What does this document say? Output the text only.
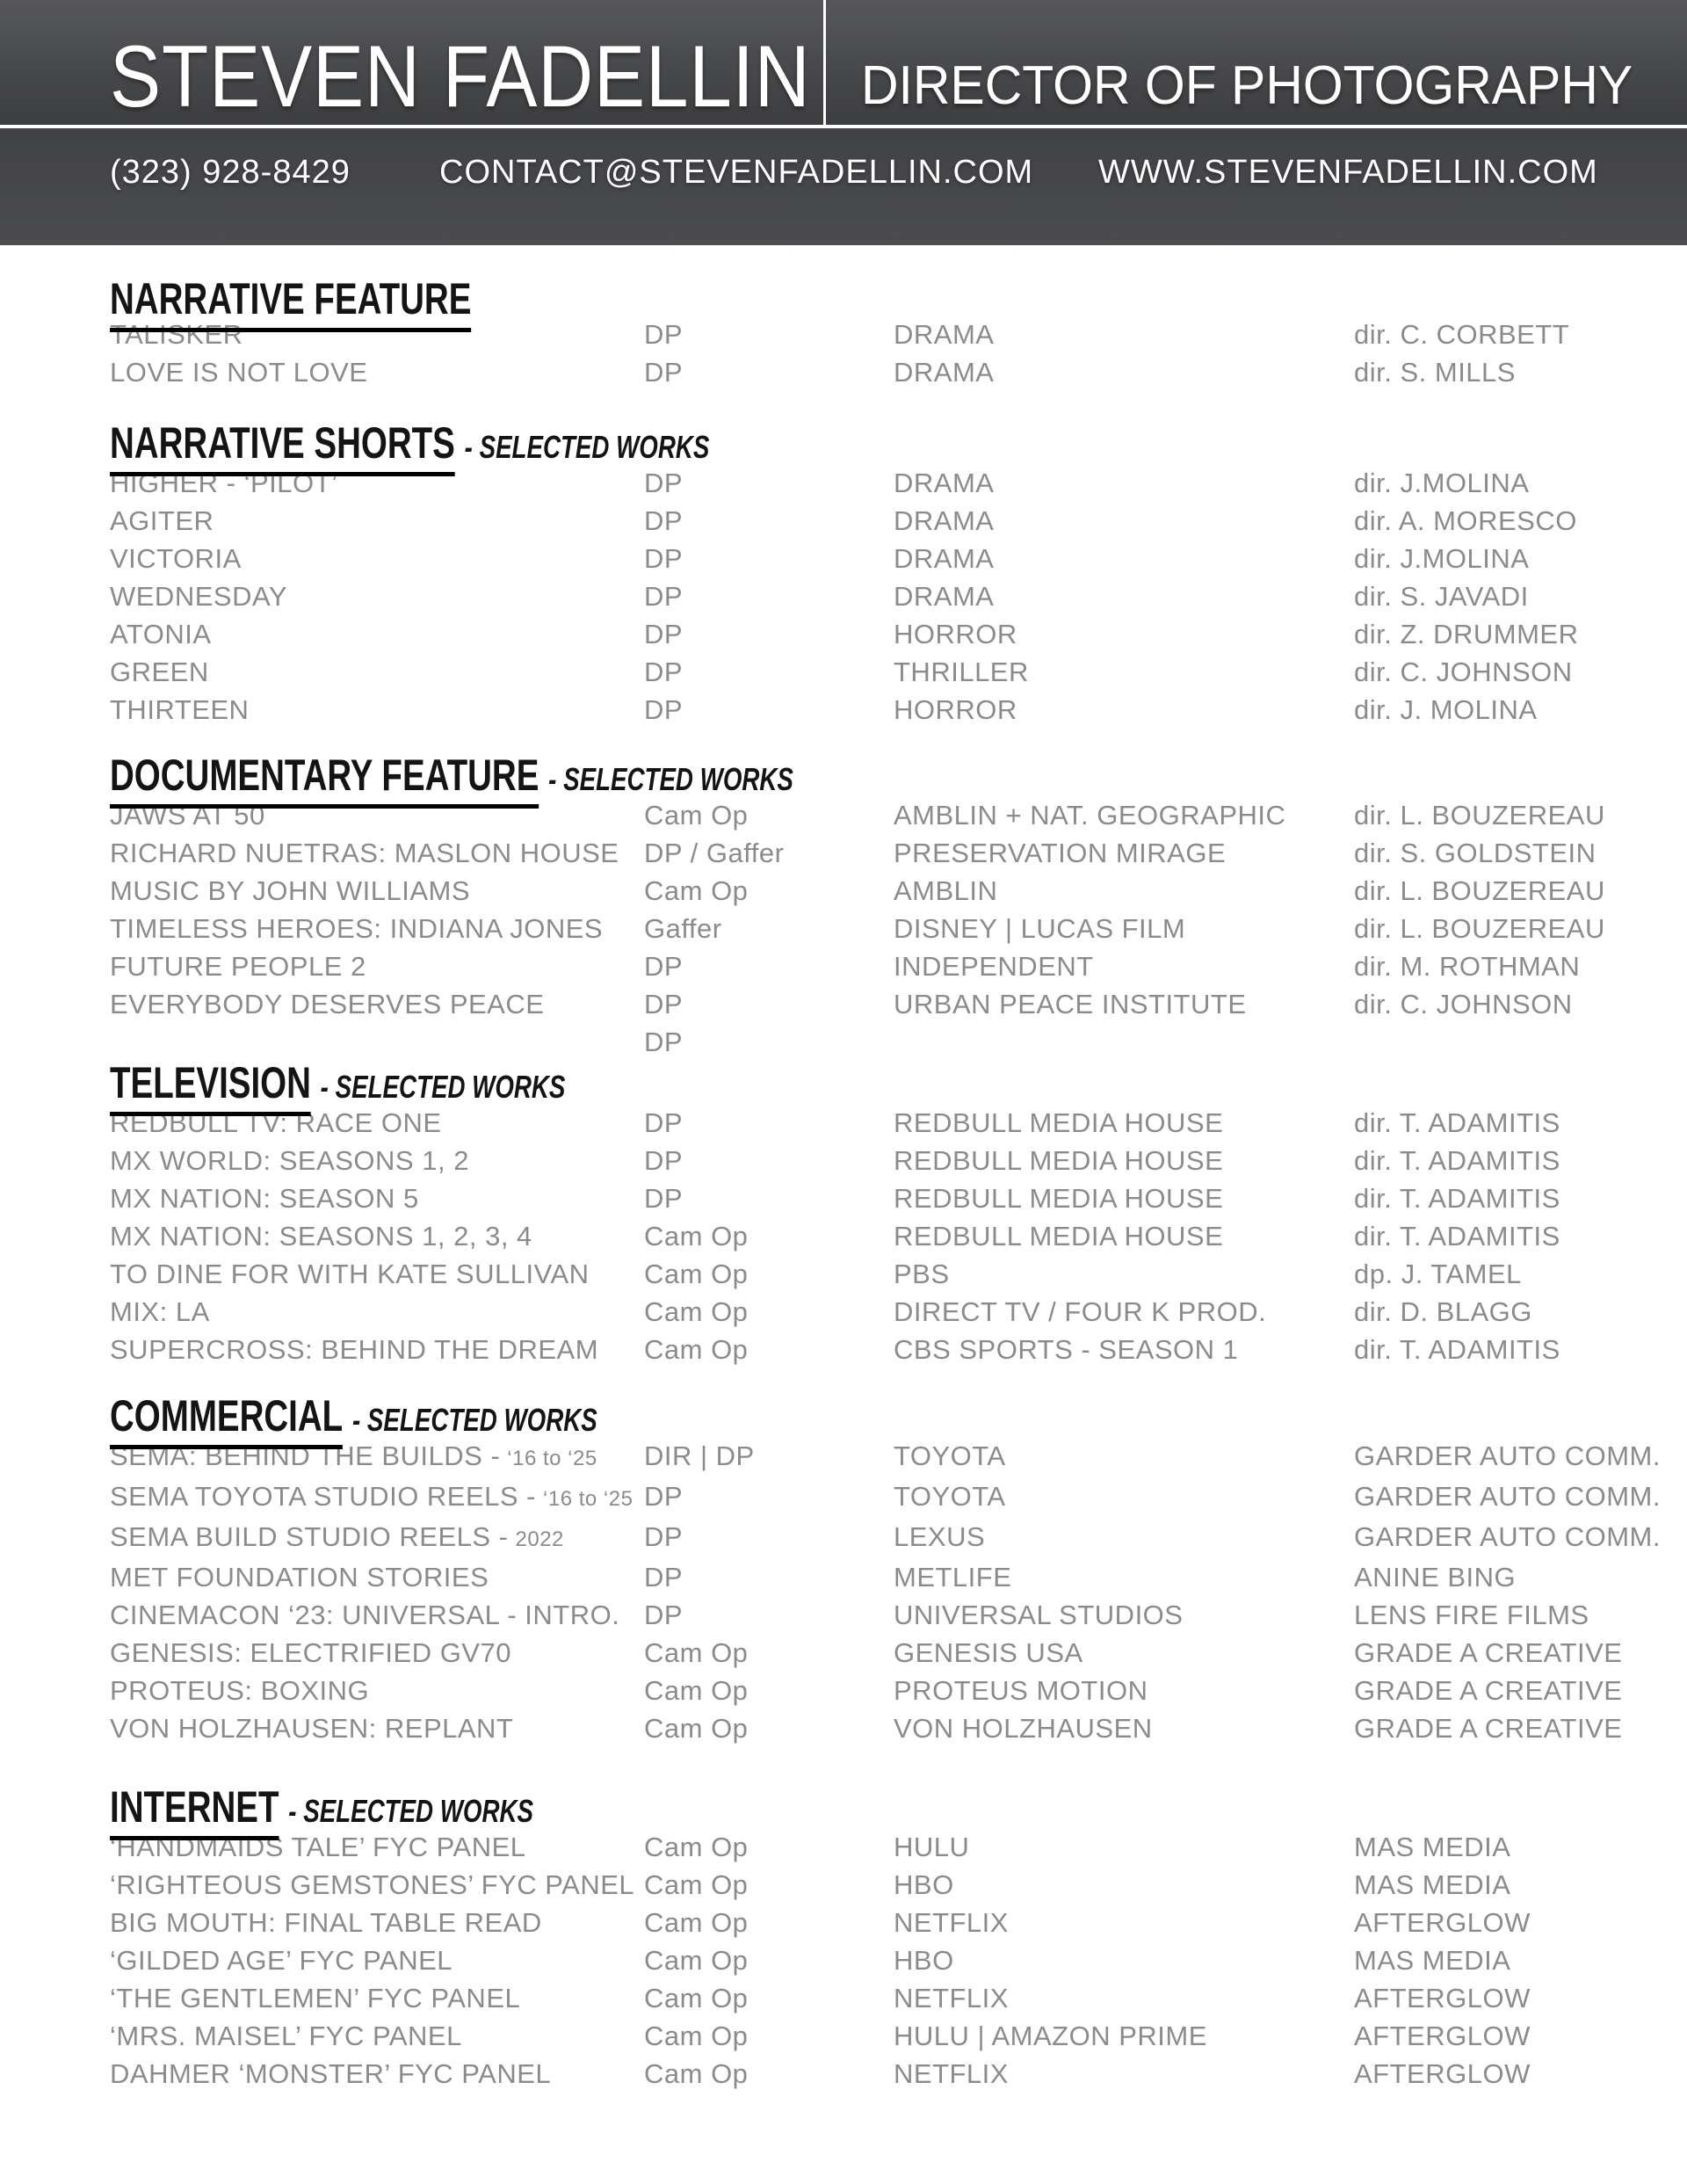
STEVEN FADELLIN DIRECTOR OF PHOTOGRAPHY
(323) 928-8429	CONTACT@STEVENFADELLIN.COM	WWW.STEVENFADELLIN.COM
NARRATIVE FEATURE
TALISKER	DP	DRAMA	dir. C. CORBETT
LOVE IS NOT LOVE	DP	DRAMA	dir. S. MILLS
NARRATIVE SHORTS - SELECTED WORKS
HIGHER - ‘PILOT’	DP	DRAMA	dir. J.MOLINA
AGITER	DP	DRAMA	dir. A. MORESCO
VICTORIA	DP	DRAMA	dir. J.MOLINA
WEDNESDAY	DP	DRAMA	dir. S. JAVADI
ATONIA	DP	HORROR	dir. Z. DRUMMER
GREEN	DP	THRILLER	dir. C. JOHNSON
THIRTEEN	DP	HORROR	dir. J. MOLINA
DOCUMENTARY FEATURE - SELECTED WORKS
JAWS AT 50	Cam Op	AMBLIN + NAT. GEOGRAPHIC	dir. L. BOUZEREAU
RICHARD NUETRAS: MASLON HOUSE DP / Gaffer	PRESERVATION MIRAGE	dir. S. GOLDSTEIN
MUSIC BY JOHN WILLIAMS	Cam Op	AMBLIN	dir. L. BOUZEREAU
TIMELESS HEROES: INDIANA JONES	Gaffer	DISNEY | LUCAS FILM	dir. L. BOUZEREAU
FUTURE PEOPLE 2	DP	INDEPENDENT	dir. M. ROTHMAN
EVERYBODY DESERVES PEACE	DP	URBAN PEACE INSTITUTE	dir. C. JOHNSON
DP
TELEVISION - SELECTED WORKS
REDBULL TV: RACE ONE	DP	REDBULL MEDIA HOUSE	dir. T. ADAMITIS
MX WORLD: SEASONS 1, 2	DP	REDBULL MEDIA HOUSE	dir. T. ADAMITIS
MX NATION: SEASON 5	DP	REDBULL MEDIA HOUSE	dir. T. ADAMITIS
MX NATION: SEASONS 1, 2, 3, 4	Cam Op	REDBULL MEDIA HOUSE	dir. T. ADAMITIS
TO DINE FOR WITH KATE SULLIVAN	Cam Op	PBS	dp. J. TAMEL
MIX: LA	Cam Op	DIRECT TV / FOUR K PROD.	dir. D. BLAGG
SUPERCROSS: BEHIND THE DREAM	Cam Op	CBS SPORTS - SEASON 1	dir. T. ADAMITIS
COMMERCIAL - SELECTED WORKS
SEMA: BEHIND THE BUILDS - ‘16 to ‘25	DIR | DP	TOYOTA	GARDER AUTO COMM.
SEMA TOYOTA STUDIO REELS - ‘16 to ‘25 DP	TOYOTA	GARDER AUTO COMM.
SEMA BUILD STUDIO REELS - 2022	DP	LEXUS	GARDER AUTO COMM.
MET FOUNDATION STORIES	DP	METLIFE	ANINE BING
CINEMACON ‘23: UNIVERSAL - INTRO. DP	UNIVERSAL STUDIOS	LENS FIRE FILMS
GENESIS: ELECTRIFIED GV70	Cam Op	GENESIS USA	GRADE A CREATIVE
PROTEUS: BOXING	Cam Op	PROTEUS MOTION	GRADE A CREATIVE
VON HOLZHAUSEN: REPLANT	Cam Op	VON HOLZHAUSEN	GRADE A CREATIVE
INTERNET - SELECTED WORKS
‘HANDMAIDS TALE’ FYC PANEL	Cam Op	HULU	MAS MEDIA
‘RIGHTEOUS GEMSTONES’ FYC PANEL Cam Op	HBO	MAS MEDIA
BIG MOUTH: FINAL TABLE READ	Cam Op	NETFLIX	AFTERGLOW
‘GILDED AGE’ FYC PANEL	Cam Op	HBO	MAS MEDIA
‘THE GENTLEMEN’ FYC PANEL	Cam Op	NETFLIX	AFTERGLOW
‘MRS. MAISEL’ FYC PANEL	Cam Op	HULU | AMAZON PRIME	AFTERGLOW
DAHMER ‘MONSTER’ FYC PANEL	Cam Op	NETFLIX	AFTERGLOW
